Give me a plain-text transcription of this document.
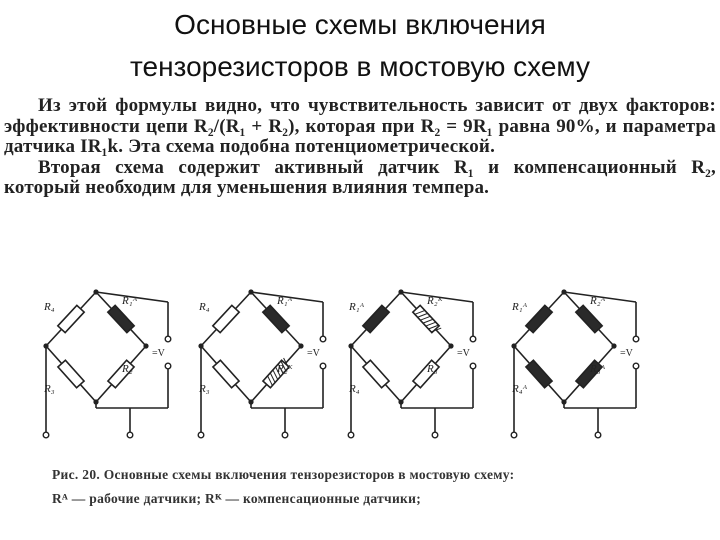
Основные схемы включения
тензорезисторов в мостовую схему

Из этой формулы видно, что чувствительность зависит от двух факторов: эффективности цепи R₂/(R₁ + R₂), которая при R₂ = 9R₁ равна 90%, и параметра датчика IR₁k. Эта схема подобна потенциометрической.

Вторая схема содержит активный датчик R₁ и компенсационный R₂, который необходим для уменьшения влияния темпера.

=V
R₄	R₁ᴬ
R₃
R₂
=V
R₄	R₁ᴬ
R₃
R₂ᴷ
=V
R₁ᴬ	R₂ᴷ
R₄
R₃
=V
R₁ᴬ	R₂ᴬ
R₄ᴬ
R₃ᴬ
Рис. 20. Основные схемы включения тензорезисторов в мостовую схему:
Rᴬ — рабочие датчики; Rᴷ — компенсационные датчики;
